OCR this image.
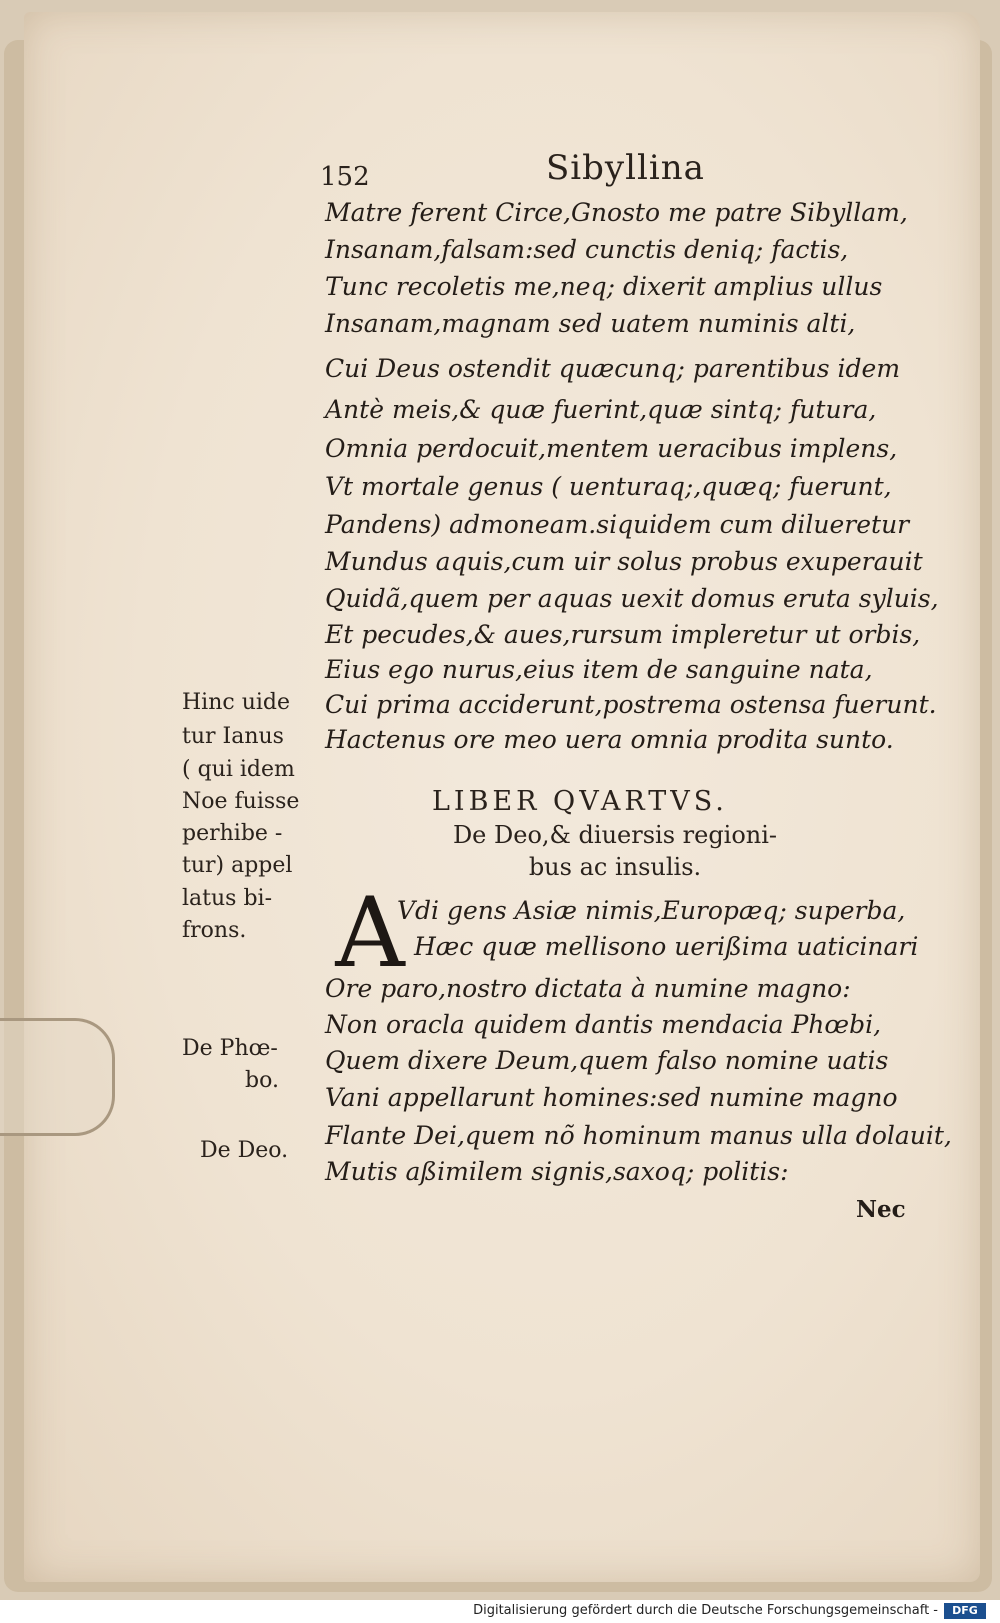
152	Sibyllina
Matre ferent Circe,Gnosto me patre Sibyllam,
Insanam,falsam:sed cunctis deniq; factis,
Tunc recoletis me,neq; dixerit amplius ullus
Insanam,magnam sed uatem numinis alti,
Cui Deus ostendit quæcunq; parentibus idem
Antè meis,& quæ fuerint,quæ sintq; futura,
Omnia perdocuit,mentem ueracibus implens,
Vt mortale genus ( uenturaq;,quæq; fuerunt,
Pandens) admoneam.siquidem cum dilueretur
Mundus aquis,cum uir solus probus exuperauit
Quidã,quem per aquas uexit domus eruta syluis,
Et pecudes,& aues,rursum impleretur ut orbis,
Eius ego nurus,eius item de sanguine nata,
Cui prima acciderunt,postrema ostensa fuerunt.
Hactenus ore meo uera omnia prodita sunto.
LIBER QVARTVS.
De Deo,& diuersis regioni-
bus ac insulis.
A
Vdi gens Asiæ nimis,Europæq; superba,
Hæc quæ mellisono uerißima uaticinari
Ore paro,nostro dictata à numine magno:
Non oracla quidem dantis mendacia Phœbi,
Quem dixere Deum,quem falso nomine uatis
Vani appellarunt homines:sed numine magno
Flante Dei,quem nõ hominum manus ulla dolauit,
Mutis aßimilem signis,saxoq; politis:
Nec
Hinc uide
tur Ianus
( qui idem
Noe fuisse
perhibe -
tur) appel
latus bi-
frons.
De Phœ-
bo.
De Deo.
Digitalisierung gefördert durch die Deutsche Forschungsgemeinschaft -	DFG
